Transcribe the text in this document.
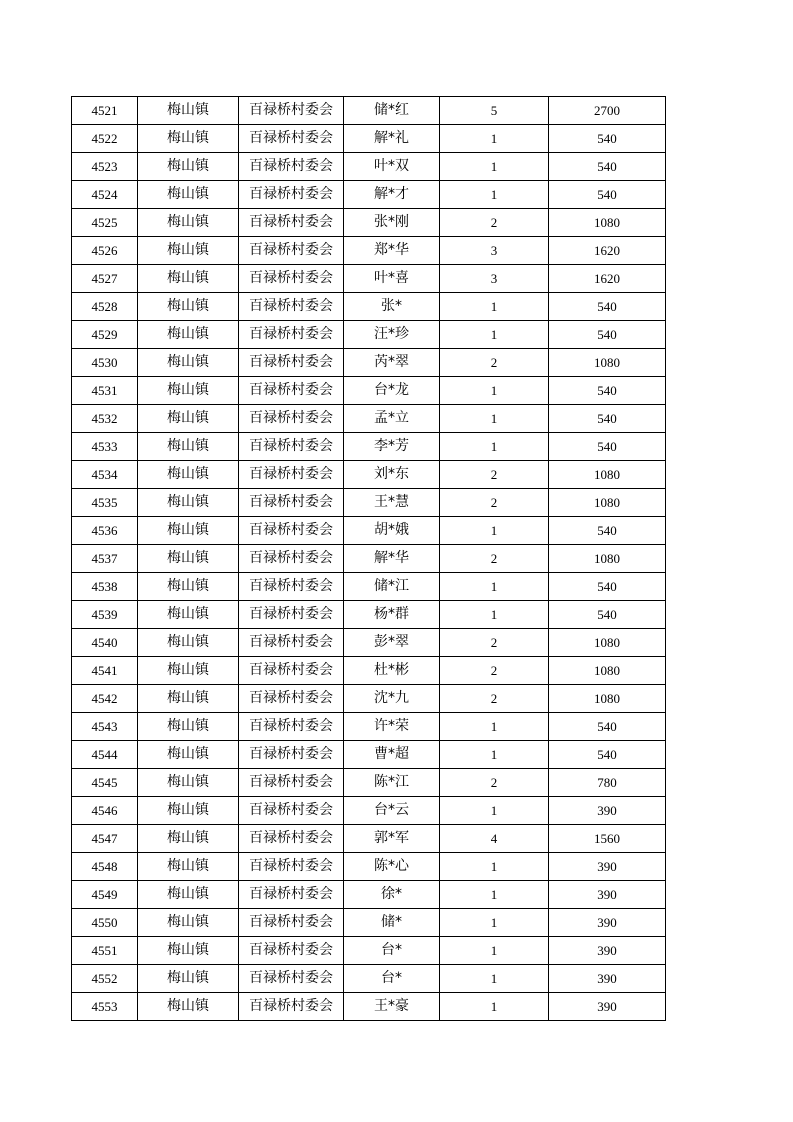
4521	梅山镇	百禄桥村委会	储*红	5	2700
4522	梅山镇	百禄桥村委会	解*礼	1	540
4523	梅山镇	百禄桥村委会	叶*双	1	540
4524	梅山镇	百禄桥村委会	解*才	1	540
4525	梅山镇	百禄桥村委会	张*刚	2	1080
4526	梅山镇	百禄桥村委会	郑*华	3	1620
4527	梅山镇	百禄桥村委会	叶*喜	3	1620
4528	梅山镇	百禄桥村委会	张*	1	540
4529	梅山镇	百禄桥村委会	汪*珍	1	540
4530	梅山镇	百禄桥村委会	芮*翠	2	1080
4531	梅山镇	百禄桥村委会	台*龙	1	540
4532	梅山镇	百禄桥村委会	孟*立	1	540
4533	梅山镇	百禄桥村委会	李*芳	1	540
4534	梅山镇	百禄桥村委会	刘*东	2	1080
4535	梅山镇	百禄桥村委会	王*慧	2	1080
4536	梅山镇	百禄桥村委会	胡*娥	1	540
4537	梅山镇	百禄桥村委会	解*华	2	1080
4538	梅山镇	百禄桥村委会	储*江	1	540
4539	梅山镇	百禄桥村委会	杨*群	1	540
4540	梅山镇	百禄桥村委会	彭*翠	2	1080
4541	梅山镇	百禄桥村委会	杜*彬	2	1080
4542	梅山镇	百禄桥村委会	沈*九	2	1080
4543	梅山镇	百禄桥村委会	许*荣	1	540
4544	梅山镇	百禄桥村委会	曹*超	1	540
4545	梅山镇	百禄桥村委会	陈*江	2	780
4546	梅山镇	百禄桥村委会	台*云	1	390
4547	梅山镇	百禄桥村委会	郭*军	4	1560
4548	梅山镇	百禄桥村委会	陈*心	1	390
4549	梅山镇	百禄桥村委会	徐*	1	390
4550	梅山镇	百禄桥村委会	储*	1	390
4551	梅山镇	百禄桥村委会	台*	1	390
4552	梅山镇	百禄桥村委会	台*	1	390
4553	梅山镇	百禄桥村委会	王*豪	1	390
